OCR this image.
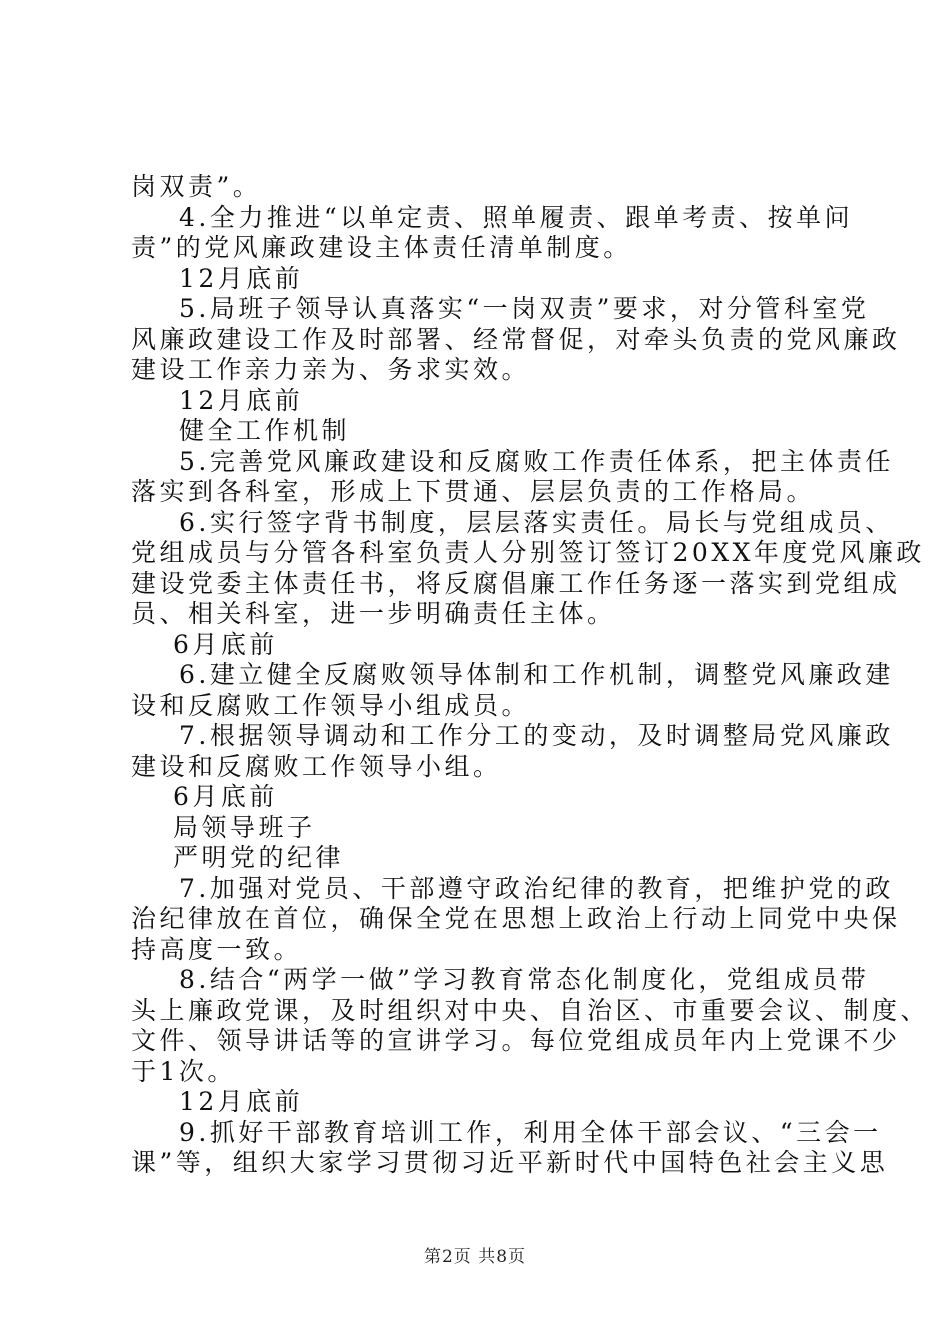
岗双责”。
4.全力推进“以单定责、照单履责、跟单考责、按单问
责”的党风廉政建设主体责任清单制度。
12月底前
5.局班子领导认真落实“一岗双责”要求，对分管科室党
风廉政建设工作及时部署、经常督促，对牵头负责的党风廉政
建设工作亲力亲为、务求实效。
12月底前
健全工作机制
5.完善党风廉政建设和反腐败工作责任体系，把主体责任
落实到各科室，形成上下贯通、层层负责的工作格局。
6.实行签字背书制度，层层落实责任。局长与党组成员、
党组成员与分管各科室负责人分别签订签订20XX年度党风廉政
建设党委主体责任书，将反腐倡廉工作任务逐一落实到党组成
员、相关科室，进一步明确责任主体。
6月底前
6.建立健全反腐败领导体制和工作机制，调整党风廉政建
设和反腐败工作领导小组成员。
7.根据领导调动和工作分工的变动，及时调整局党风廉政
建设和反腐败工作领导小组。
6月底前
局领导班子
严明党的纪律
7.加强对党员、干部遵守政治纪律的教育，把维护党的政
治纪律放在首位，确保全党在思想上政治上行动上同党中央保
持高度一致。
8.结合“两学一做”学习教育常态化制度化，党组成员带
头上廉政党课，及时组织对中央、自治区、市重要会议、制度、
文件、领导讲话等的宣讲学习。每位党组成员年内上党课不少
于1次。
12月底前
9.抓好干部教育培训工作，利用全体干部会议、“三会一
课”等，组织大家学习贯彻习近平新时代中国特色社会主义思
第2页 共8页
